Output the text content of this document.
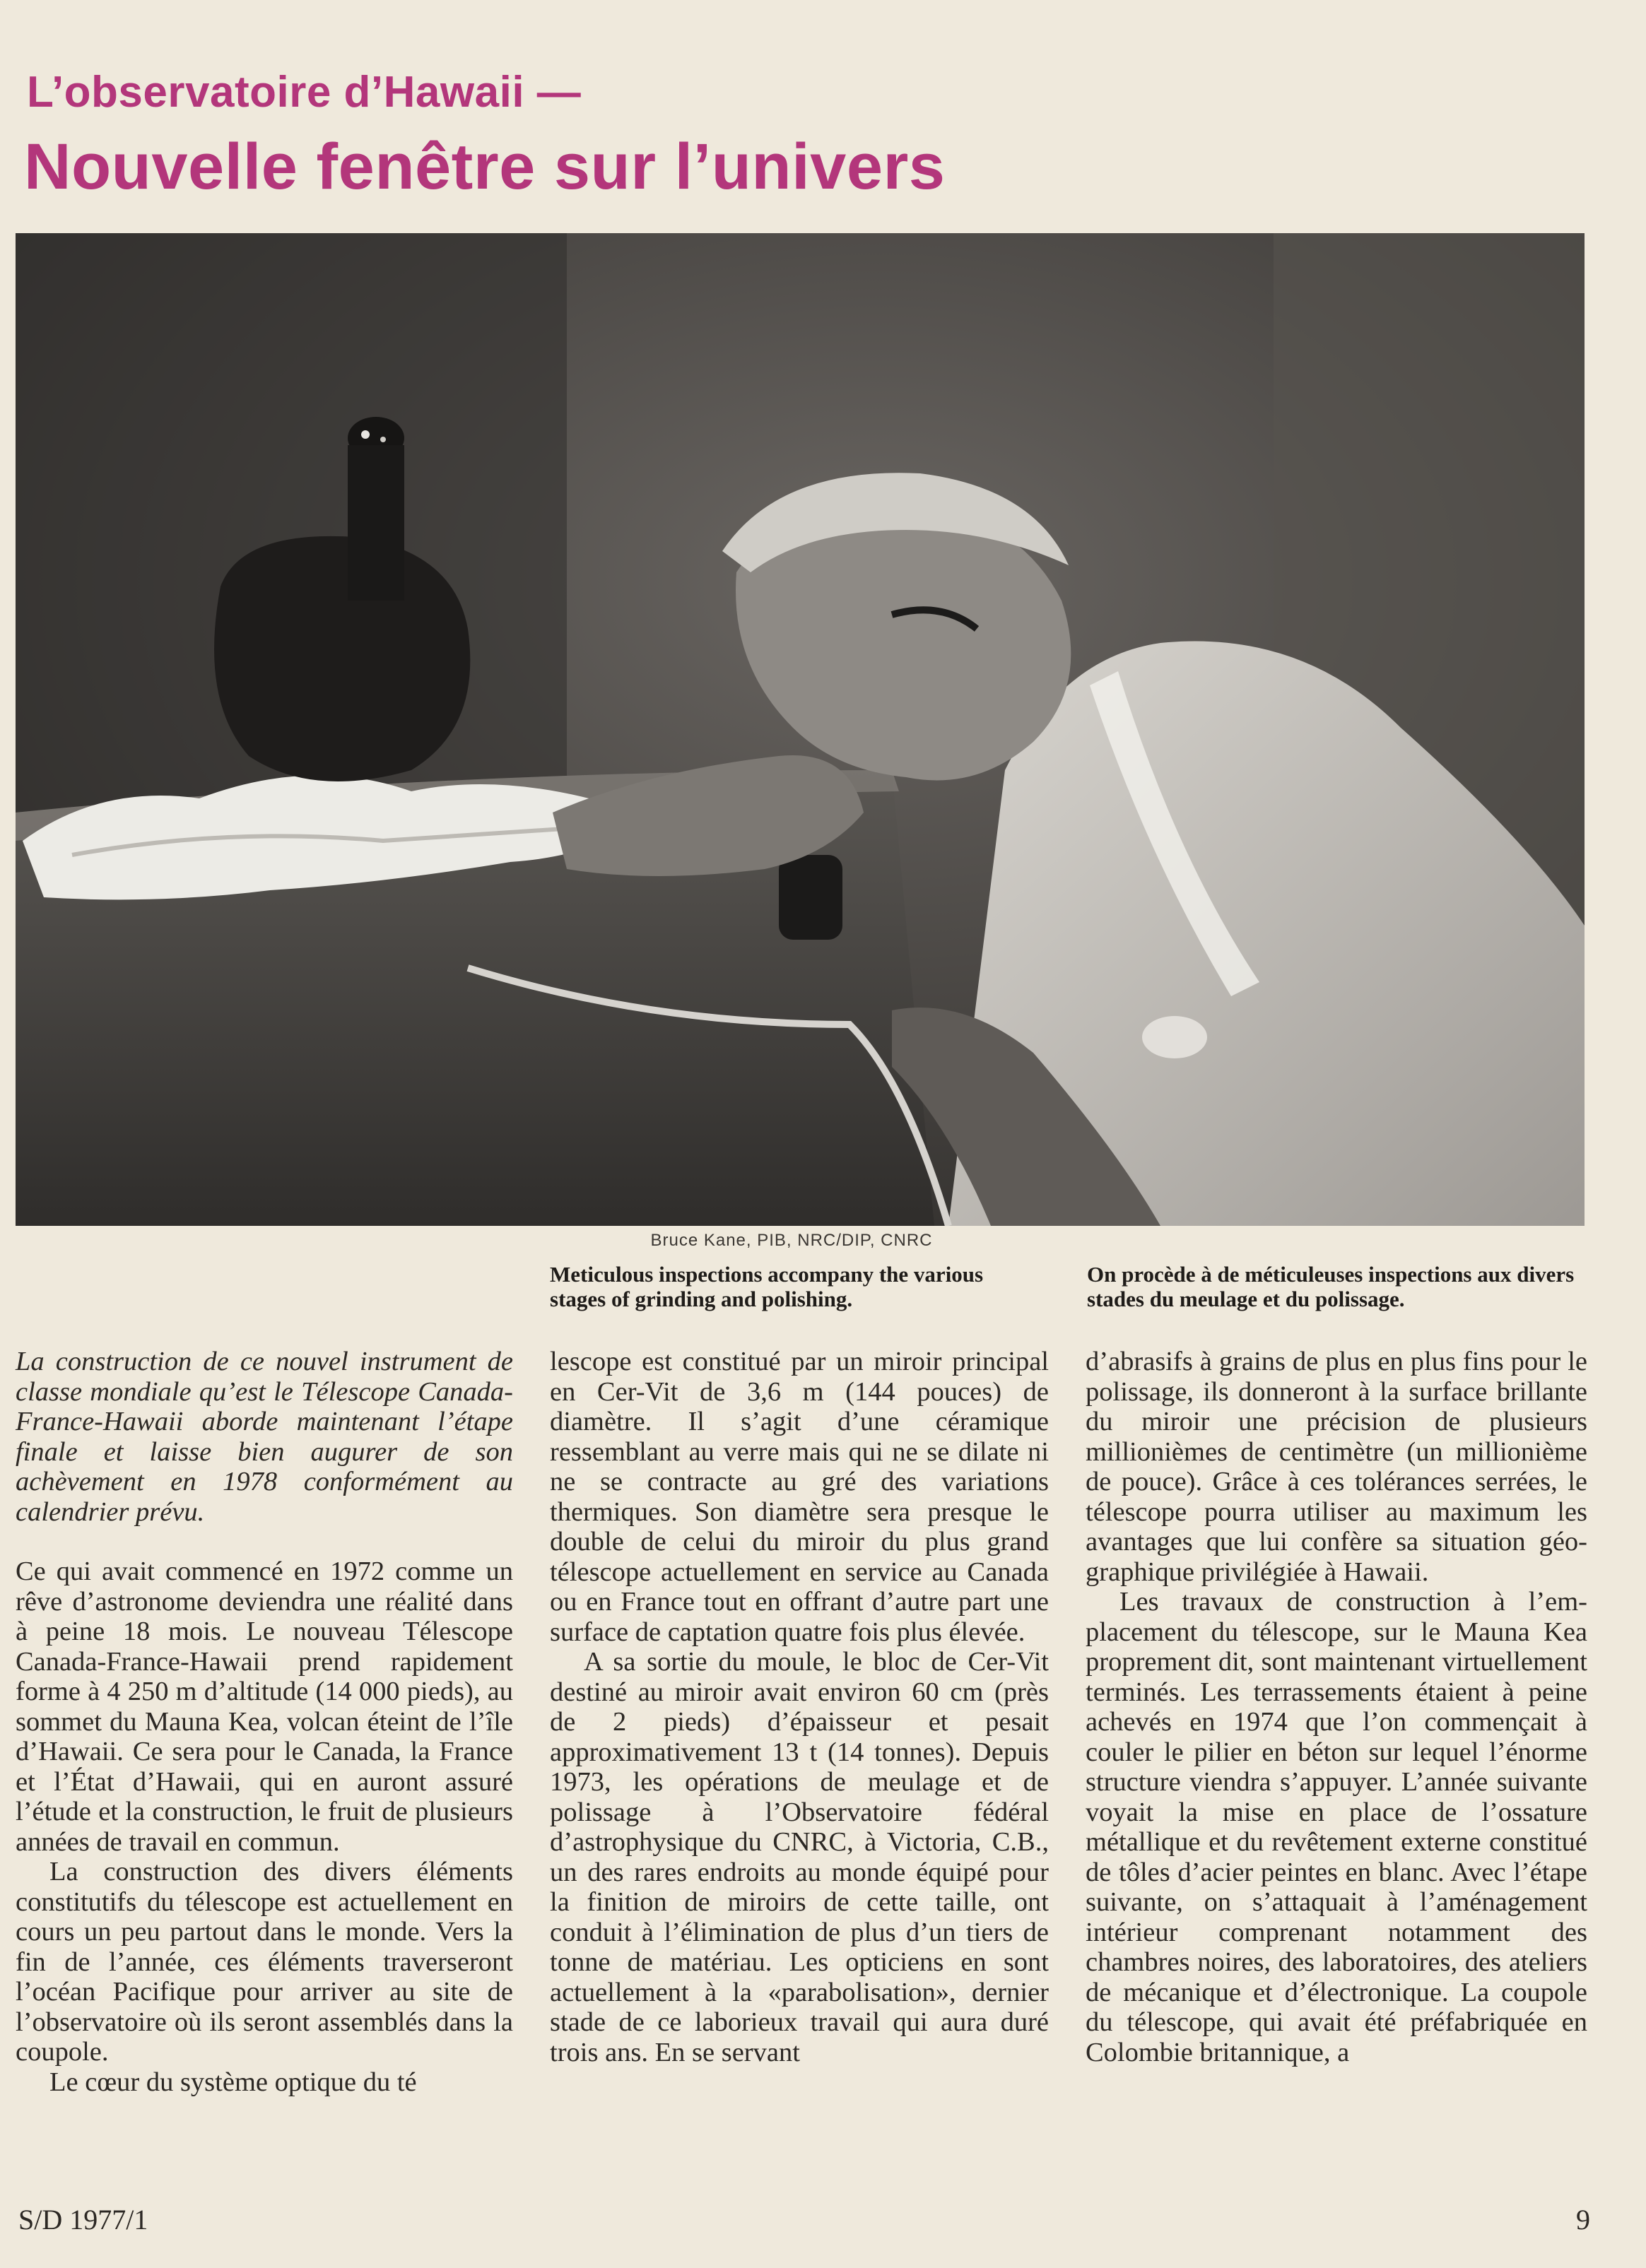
L’observatoire d’Hawaii —
Nouvelle fenêtre sur l’univers
Bruce Kane, PIB, NRC/DIP, CNRC
Meticulous inspections accompany the various stages of grinding and polishing.
On procède à de méticuleuses inspections aux divers stades du meulage et du polissage.

La construction de ce nouvel instrument de classe mondiale qu’est le Télescope Canada-France-Hawaii aborde maintenant l’étape finale et laisse bien augurer de son achèvement en 1978 conformément au calendrier prévu.

Ce qui avait commencé en 1972 comme un rêve d’astronome deviendra une réalité dans à peine 18 mois. Le nouveau Télescope Canada-France-Hawaii prend rapidement forme à 4 250 m d’altitude (14 000 pieds), au sommet du Mauna Kea, volcan éteint de l’île d’Hawaii. Ce sera pour le Canada, la France et l’État d’Hawaii, qui en auront assuré l’étude et la construction, le fruit de plusieurs années de travail en commun.

La construction des divers éléments constitutifs du télescope est actuellement en cours un peu partout dans le monde. Vers la fin de l’année, ces éléments traverseront l’océan Pacifique pour arriver au site de l’observatoire où ils seront assemblés dans la coupole.

Le cœur du système optique du té

lescope est constitué par un miroir principal en Cer-Vit de 3,6 m (144 pouces) de diamètre. Il s’agit d’une céramique ressemblant au verre mais qui ne se dilate ni ne se contracte au gré des variations thermiques. Son diamètre sera presque le double de celui du miroir du plus grand télescope actuellement en service au Canada ou en France tout en offrant d’autre part une surface de captation quatre fois plus élevée.

A sa sortie du moule, le bloc de Cer-Vit destiné au miroir avait environ 60 cm (près de 2 pieds) d’épaisseur et pesait approximativement 13 t (14 tonnes). Depuis 1973, les opérations de meulage et de polissage à l’Observatoire fédéral d’astrophysique du CNRC, à Victoria, C.B., un des rares endroits au monde équipé pour la finition de miroirs de cette taille, ont conduit à l’élimination de plus d’un tiers de tonne de matériau. Les opticiens en sont actuellement à la «parabolisation», dernier stade de ce laborieux travail qui aura duré trois ans. En se servant

d’abrasifs à grains de plus en plus fins pour le polissage, ils donneront à la surface brillante du miroir une précision de plusieurs millionièmes de centimètre (un millionième de pouce). Grâce à ces tolérances serrées, le télescope pourra utiliser au maximum les avantages que lui confère sa situation géographique privilégiée à Hawaii.

Les travaux de construction à l’emplacement du télescope, sur le Mauna Kea proprement dit, sont maintenant virtuellement terminés. Les terrassements étaient à peine achevés en 1974 que l’on commençait à couler le pilier en béton sur lequel l’énorme structure viendra s’appuyer. L’année suivante voyait la mise en place de l’ossature métallique et du revêtement externe constitué de tôles d’acier peintes en blanc. Avec l’étape suivante, on s’attaquait à l’aménagement intérieur comprenant notamment des chambres noires, des laboratoires, des ateliers de mécanique et d’électronique. La coupole du télescope, qui avait été préfabriquée en Colombie britannique, a

S/D 1977/1	9
